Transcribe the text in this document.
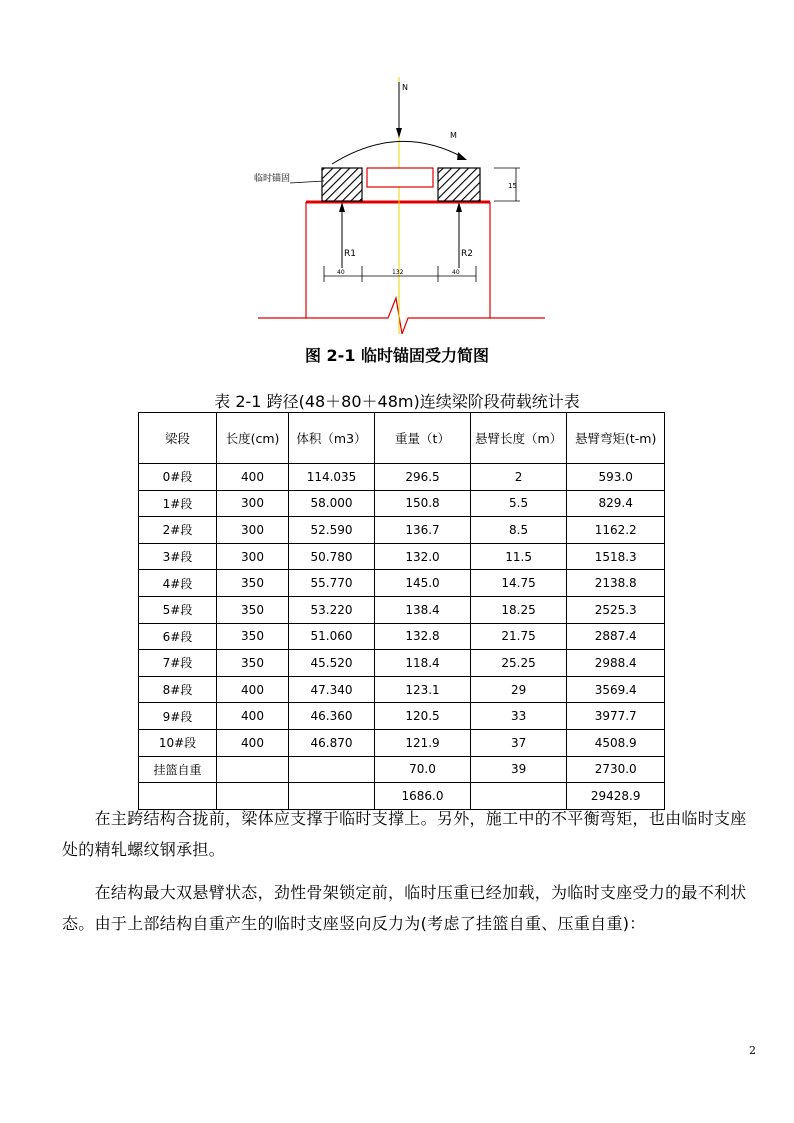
N
M
临时锚固
15
R1	R2
40	132	40
图 2-1 临时锚固受力简图
表 2-1 跨径(48＋80＋48m)连续梁阶段荷载统计表
梁段	长度(cm)	体积（m3）	重量（t）	悬臂长度（m）	悬臂弯矩(t-m)
0#段	400	114.035	296.5	2	593.0
1#段	300	58.000	150.8	5.5	829.4
2#段	300	52.590	136.7	8.5	1162.2
3#段	300	50.780	132.0	11.5	1518.3
4#段	350	55.770	145.0	14.75	2138.8
5#段	350	53.220	138.4	18.25	2525.3
6#段	350	51.060	132.8	21.75	2887.4
7#段	350	45.520	118.4	25.25	2988.4
8#段	400	47.340	123.1	29	3569.4
9#段	400	46.360	120.5	33	3977.7
10#段	400	46.870	121.9	37	4508.9
挂篮自重			70.0	39	2730.0
			1686.0		29428.9
　　在主跨结构合拢前，梁体应支撑于临时支撑上。另外，施工中的不平衡弯矩，也由临时支座处的精轧螺纹钢承担。
　　在结构最大双悬臂状态，劲性骨架锁定前，临时压重已经加载，为临时支座受力的最不利状态。由于上部结构自重产生的临时支座竖向反力为(考虑了挂篮自重、压重自重)：
2
